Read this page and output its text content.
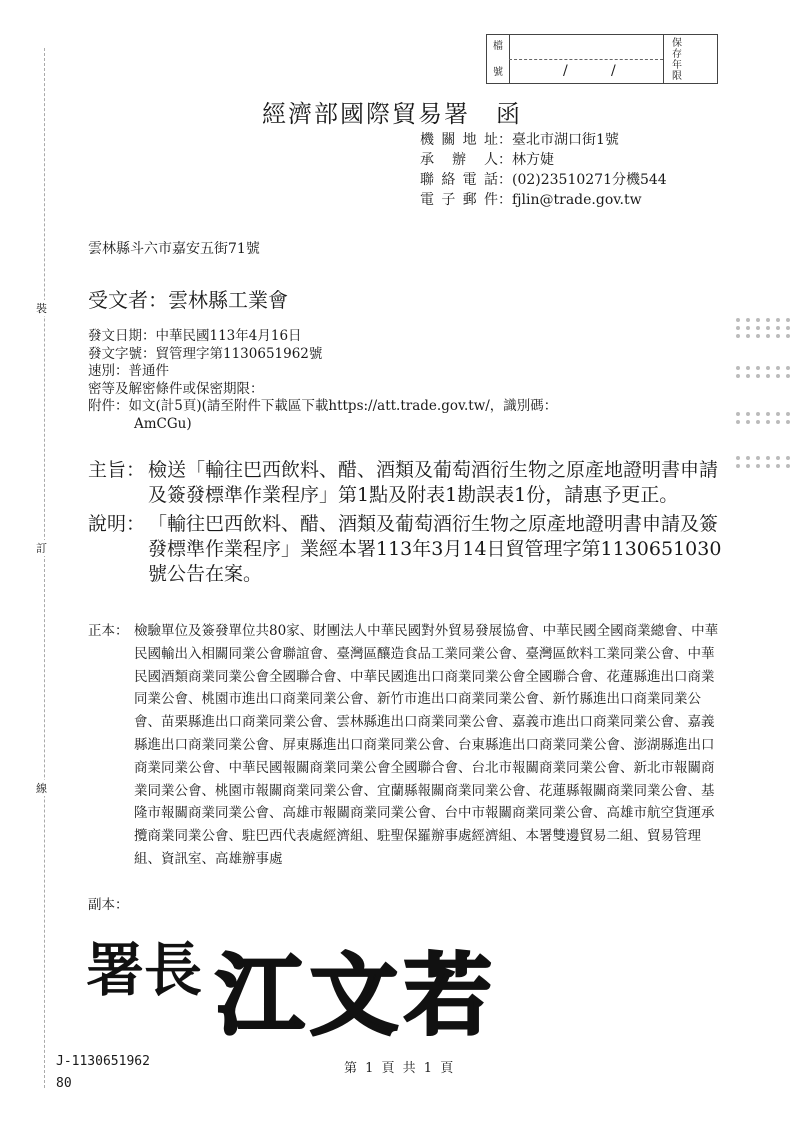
檔
號	/	/
保存年限
裝
訂
線
經濟部國際貿易署　函
機關地址：臺北市湖口街1號
承 辦 人：林方婕
聯絡電話：(02)23510271分機544
電子郵件：fjlin@trade.gov.tw
雲林縣斗六市嘉安五街71號
受文者：雲林縣工業會
發文日期：中華民國113年4月16日
發文字號：貿管理字第1130651962號
速別：普通件
密等及解密條件或保密期限：
附件：如文(計5頁)(請至附件下載區下載https://att.trade.gov.tw/，識別碼：
AmCGu)
主旨： 檢送「輸往巴西飲料、醋、酒類及葡萄酒衍生物之原產地證明書申請及簽發標準作業程序」第1點及附表1勘誤表1份，請惠予更正。
說明： 「輸往巴西飲料、醋、酒類及葡萄酒衍生物之原產地證明書申請及簽發標準作業程序」業經本署113年3月14日貿管理字第1130651030號公告在案。
正本： 檢驗單位及簽發單位共80家、財團法人中華民國對外貿易發展協會、中華民國全國商業總會、中華民國輸出入相關同業公會聯誼會、臺灣區釀造食品工業同業公會、臺灣區飲料工業同業公會、中華民國酒類商業同業公會全國聯合會、中華民國進出口商業同業公會全國聯合會、花蓮縣進出口商業同業公會、桃園市進出口商業同業公會、新竹市進出口商業同業公會、新竹縣進出口商業同業公會、苗栗縣進出口商業同業公會、雲林縣進出口商業同業公會、嘉義市進出口商業同業公會、嘉義縣進出口商業同業公會、屏東縣進出口商業同業公會、台東縣進出口商業同業公會、澎湖縣進出口商業同業公會、中華民國報關商業同業公會全國聯合會、台北市報關商業同業公會、新北市報關商業同業公會、桃園市報關商業同業公會、宜蘭縣報關商業同業公會、花蓮縣報關商業同業公會、基隆市報關商業同業公會、高雄市報關商業同業公會、台中市報關商業同業公會、高雄市航空貨運承攬商業同業公會、駐巴西代表處經濟組、駐聖保羅辦事處經濟組、本署雙邊貿易二組、貿易管理組、資訊室、高雄辦事處
副本：
署長 江文若
J-1130651962	第 1 頁 共 1 頁
80
